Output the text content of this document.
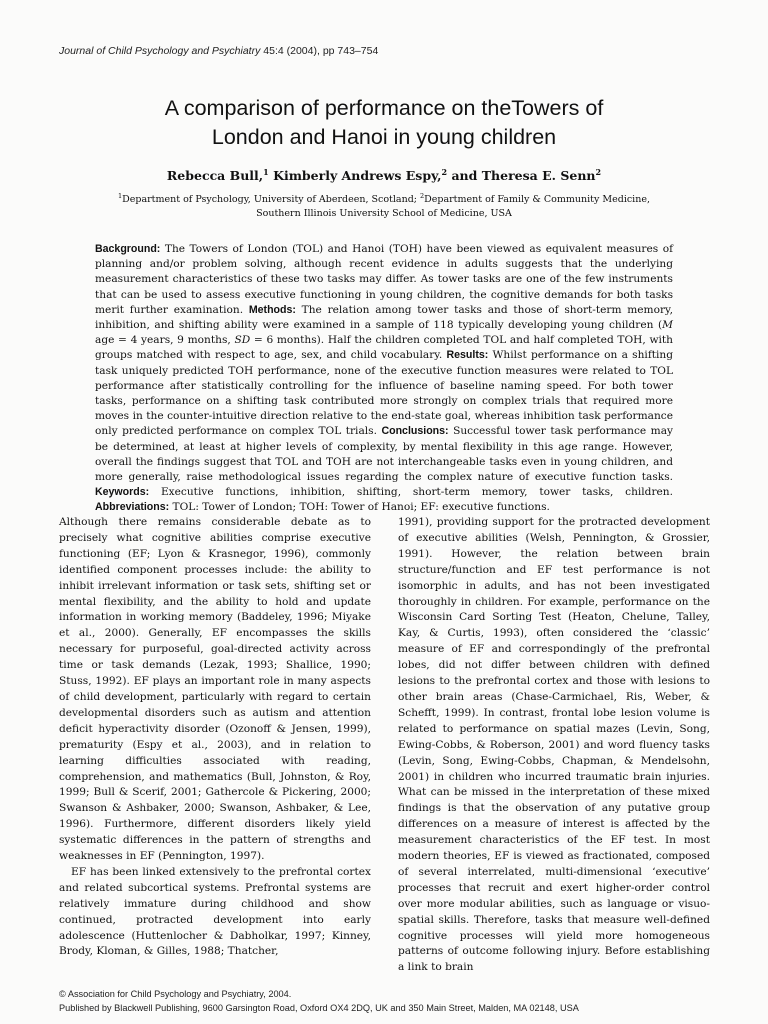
Journal of Child Psychology and Psychiatry 45:4 (2004), pp 743–754
A comparison of performance on theTowers of
London and Hanoi in young children
Rebecca Bull,$^1$ Kimberly Andrews Espy,$^2$ and Theresa E. Senn$^2$
$^1$Department of Psychology, University of Aberdeen, Scotland; $^2$Department of Family & Community Medicine,
Southern Illinois University School of Medicine, USA
Background: The Towers of London (TOL) and Hanoi (TOH) have been viewed as equivalent measures of planning and/or problem solving, although recent evidence in adults suggests that the underlying measurement characteristics of these two tasks may differ. As tower tasks are one of the few instruments that can be used to assess executive functioning in young children, the cognitive demands for both tasks merit further examination. Methods: The relation among tower tasks and those of short-term memory, inhibition, and shifting ability were examined in a sample of 118 typically developing young children (M age = 4 years, 9 months, SD = 6 months). Half the children completed TOL and half completed TOH, with groups matched with respect to age, sex, and child vocabulary. Results: Whilst performance on a shifting task uniquely predicted TOH performance, none of the executive function measures were related to TOL performance after statistically controlling for the influence of baseline naming speed. For both tower tasks, performance on a shifting task contributed more strongly on complex trials that required more moves in the counter-intuitive direction relative to the end-state goal, whereas inhibition task performance only predicted performance on complex TOL trials. Conclusions: Successful tower task performance may be determined, at least at higher levels of complexity, by mental flexibility in this age range. However, overall the findings suggest that TOL and TOH are not interchangeable tasks even in young children, and more generally, raise methodological issues regarding the complex nature of executive function tasks. Keywords: Executive functions, inhibition, shifting, short-term memory, tower tasks, children. Abbreviations: TOL: Tower of London; TOH: Tower of Hanoi; EF: executive functions.

Although there remains considerable debate as to precisely what cognitive abilities comprise executive functioning (EF; Lyon & Krasnegor, 1996), commonly identified component processes include: the ability to inhibit irrelevant information or task sets, shifting set or mental flexibility, and the ability to hold and update information in working memory (Baddeley, 1996; Miyake et al., 2000). Generally, EF encompasses the skills necessary for purposeful, goal-directed activity across time or task demands (Lezak, 1993; Shallice, 1990; Stuss, 1992). EF plays an important role in many aspects of child development, particularly with regard to certain developmental disorders such as autism and attention deficit hyperactivity disorder (Ozonoff & Jensen, 1999), prematurity (Espy et al., 2003), and in relation to learning difficulties associated with reading, comprehension, and mathematics (Bull, Johnston, & Roy, 1999; Bull & Scerif, 2001; Gathercole & Pickering, 2000; Swanson & Ashbaker, 2000; Swanson, Ashbaker, & Lee, 1996). Furthermore, different disorders likely yield systematic differences in the pattern of strengths and weaknesses in EF (Pennington, 1997).

EF has been linked extensively to the prefrontal cortex and related subcortical systems. Prefrontal systems are relatively immature during childhood and show continued, protracted development into early adolescence (Huttenlocher & Dabholkar, 1997; Kinney, Brody, Kloman, & Gilles, 1988; Thatcher,

1991), providing support for the protracted development of executive abilities (Welsh, Pennington, & Grossier, 1991). However, the relation between brain structure/function and EF test performance is not isomorphic in adults, and has not been investigated thoroughly in children. For example, performance on the Wisconsin Card Sorting Test (Heaton, Chelune, Talley, Kay, & Curtis, 1993), often considered the ‘classic’ measure of EF and correspondingly of the prefrontal lobes, did not differ between children with defined lesions to the prefrontal cortex and those with lesions to other brain areas (Chase-Carmichael, Ris, Weber, & Schefft, 1999). In contrast, frontal lobe lesion volume is related to performance on spatial mazes (Levin, Song, Ewing-Cobbs, & Roberson, 2001) and word fluency tasks (Levin, Song, Ewing-Cobbs, Chapman, & Mendelsohn, 2001) in children who incurred traumatic brain injuries. What can be missed in the interpretation of these mixed findings is that the observation of any putative group differences on a measure of interest is affected by the measurement characteristics of the EF test. In most modern theories, EF is viewed as fractionated, composed of several interrelated, multi-dimensional ‘executive’ processes that recruit and exert higher-order control over more modular abilities, such as language or visuo-spatial skills. Therefore, tasks that measure well-defined cognitive processes will yield more homogeneous patterns of outcome following injury. Before establishing a link to brain

© Association for Child Psychology and Psychiatry, 2004.
Published by Blackwell Publishing, 9600 Garsington Road, Oxford OX4 2DQ, UK and 350 Main Street, Malden, MA 02148, USA
